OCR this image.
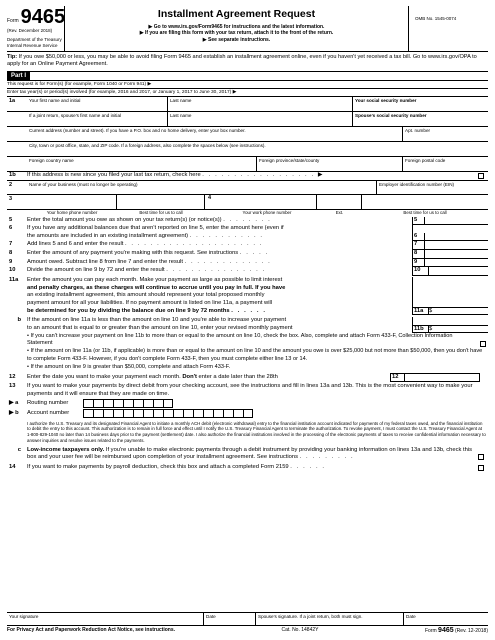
Form 9465
(Rev. December 2018)
Department of the Treasury
Internal Revenue Service
Installment Agreement Request
▶ Go to www.irs.gov/Form9465 for instructions and the latest information.
▶ If you are filing this form with your tax return, attach it to the front of the return.
▶ See separate instructions.
OMB No. 1545-0074
Tip: If you owe $50,000 or less, you may be able to avoid filing Form 9465 and establish an installment agreement online, even if you haven't yet received a tax bill. Go to www.irs.gov/OPA to apply for an Online Payment Agreement.
Part I
This request is for Form(s) (for example, Form 1040 or Form 941) ▶
Enter tax year(s) or period(s) involved (for example, 2016 and 2017, or January 1, 2017 to June 30, 2017) ▶
1a	Your first name and initial	Last name	Your social security number
If a joint return, spouse's first name and initial	Last name	Spouse's social security number
Current address (number and street). If you have a P.O. box and no home delivery, enter your box number.	Apt. number
City, town or post office, state, and ZIP code. If a foreign address, also complete the spaces below (see instructions).
Foreign country name	Foreign province/state/county	Foreign postal code
1b	If this address is new since you filed your last tax return, check here . . . . . . . . . . . . . . . . . . ▶
2	Name of your business (must no longer be operating)	Employer identification number (EIN)
3	4
Your home phone number	Best time for us to call	Your work phone number	Ext.	Best time for us to call
5	Enter the total amount you owe as shown on your tax return(s) (or notice(s)) . . . . . . . .	5
6	If you have any additional balances due that aren't reported on line 5, enter the amount here (even if
the amounts are included in an existing installment agreement) . . . . . . . . . . . .	6
7	Add lines 5 and 6 and enter the result . . . . . . . . . . . . . . . . . . . . . .	7
8	Enter the amount of any payment you're making with this request. See instructions . . . . .	8
9	Amount owed. Subtract line 8 from line 7 and enter the result . . . . . . . . . . . . . .	9
10	Divide the amount on line 9 by 72 and enter the result . . . . . . . . . . . . . . . .	10
11a	Enter the amount you can pay each month. Make your payment as large as possible to limit interest
and penalty charges, as these charges will continue to accrue until you pay in full. If you have
an existing installment agreement, this amount should represent your total proposed monthly
payment amount for all your liabilities. If no payment amount is listed on line 11a, a payment will
be determined for you by dividing the balance due on line 9 by 72 months . . . . . .	11a $
b	If the amount on line 11a is less than the amount on line 10 and you're able to increase your payment
to an amount that is equal to or greater than the amount on line 10, enter your revised monthly payment	11b $
• If you can't increase your payment on line 11b to more than or equal to the amount on line 10, check the box. Also, complete and attach Form 433-F, Collection Information Statement
• If the amount on line 11a (or 11b, if applicable) is more than or equal to the amount on line 10 and the amount you owe is over $25,000 but not more than $50,000, then you don't have to complete Form 433-F. However, if you don't complete Form 433-F, then you must complete either line 13 or 14.
• If the amount on line 9 is greater than $50,000, complete and attach Form 433-F.
12	Enter the date you want to make your payment each month. Don't enter a date later than the 28th	12
13	If you want to make your payments by direct debit from your checking account, see the instructions and fill in lines 13a and 13b. This is the most convenient way to make your payments and it will ensure that they are made on time.
▶ a	Routing number
▶ b	Account number
I authorize the U.S. Treasury and its designated Financial Agent to initiate a monthly ACH debit (electronic withdrawal) entry to the financial institution account indicated for payments of my federal taxes owed, and the financial institution to debit the entry to this account. This authorization is to remain in full force and effect until I notify the U.S. Treasury Financial Agent to terminate the authorization. To revoke payment, I must contact the U.S. Treasury Financial Agent at 1-800-829-1040 no later than 14 business days prior to the payment (settlement) date. I also authorize the financial institutions involved in the processing of the electronic payments of taxes to receive confidential information necessary to answer inquiries and resolve issues related to the payments.
c	Low-income taxpayers only. If you're unable to make electronic payments through a debit instrument by providing your banking information on lines 13a and 13b, check this box and your user fee will be reimbursed upon completion of your installment agreement. See instructions . . . . . . . . .
14	If you want to make payments by payroll deduction, check this box and attach a completed Form 2159 . . . . . .
Your signature	Date	Spouse's signature. If a joint return, both must sign.	Date
For Privacy Act and Paperwork Reduction Act Notice, see instructions.	Cat. No. 14842Y	Form 9465 (Rev. 12-2018)
